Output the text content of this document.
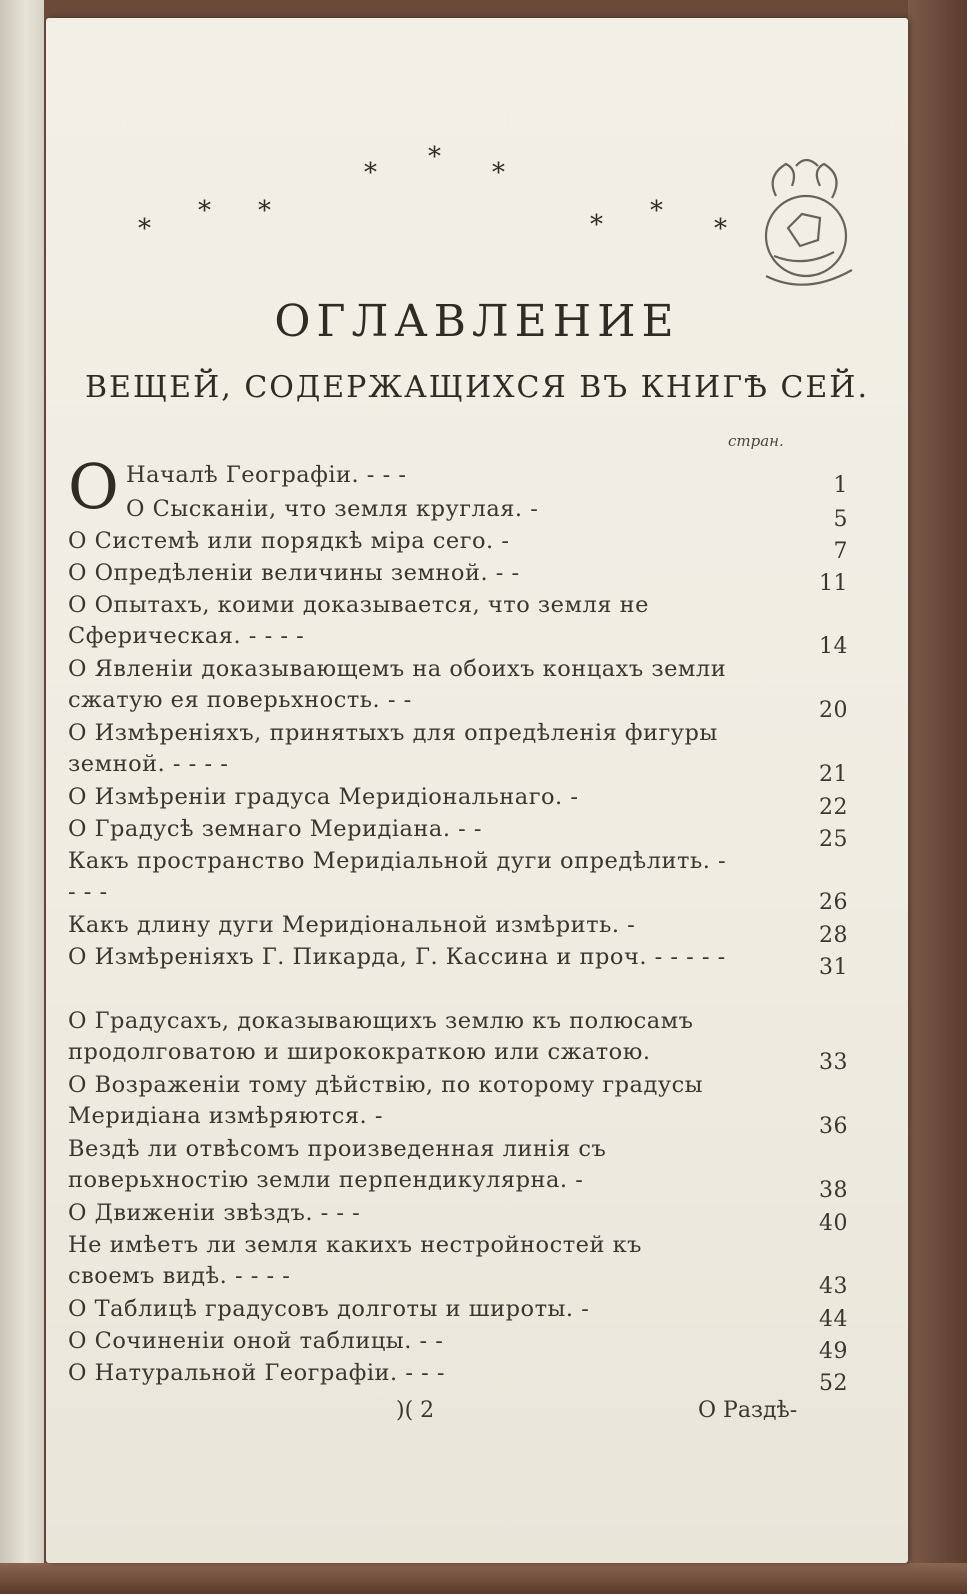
⁎
⁎ ⁎
⁎
⁎
⁎
⁎ ⁎
⁎
ОГЛАВЛЕНИЕ
ВЕЩЕЙ, СОДЕРЖАЩИХСЯ ВЪ КНИГѢ СЕЙ.
стран.
О Началѣ Географіи. - - -	1
О Сысканіи, что земля круглая. -	5
О Системѣ или порядкѣ міра сего. -	7
О Опредѣленіи величины земной. - -	11
О Опытахъ, коими доказывается, что земля не Сферическая. - - - -	14
О Явленіи доказывающемъ на обоихъ концахъ земли сжатую ея поверьхность. - -	20
О Измѣреніяхъ, принятыхъ для опредѣленія фигуры земной. - - - -	21
О Измѣреніи градуса Меридіональнаго. -	22
О Градусѣ земнаго Меридіана. - -	25
Какъ пространство Меридіальной дуги опредѣлить. - - - -	26
Какъ длину дуги Меридіональной измѣрить. -	28
О Измѣреніяхъ Г. Пикарда, Г. Кассина и проч. - - - - -	31
О Градусахъ, доказывающихъ землю къ полюсамъ продолговатою и широкократкою или сжатою.	33
О Возраженіи тому дѣйствію, по которому градусы Меридіана измѣряются. -	36
Вездѣ ли отвѣсомъ произведенная линія съ поверьхностію земли перпендикулярна. -	38
О Движеніи звѣздъ. - - -	40
Не имѣетъ ли земля какихъ нестройностей къ своемъ видѣ. - - - -	43
О Таблицѣ градусовъ долготы и широты. -	44
О Сочиненіи оной таблицы. - -	49
О Натуральной Географіи. - - -	52
)( 2	О Раздѣ-
